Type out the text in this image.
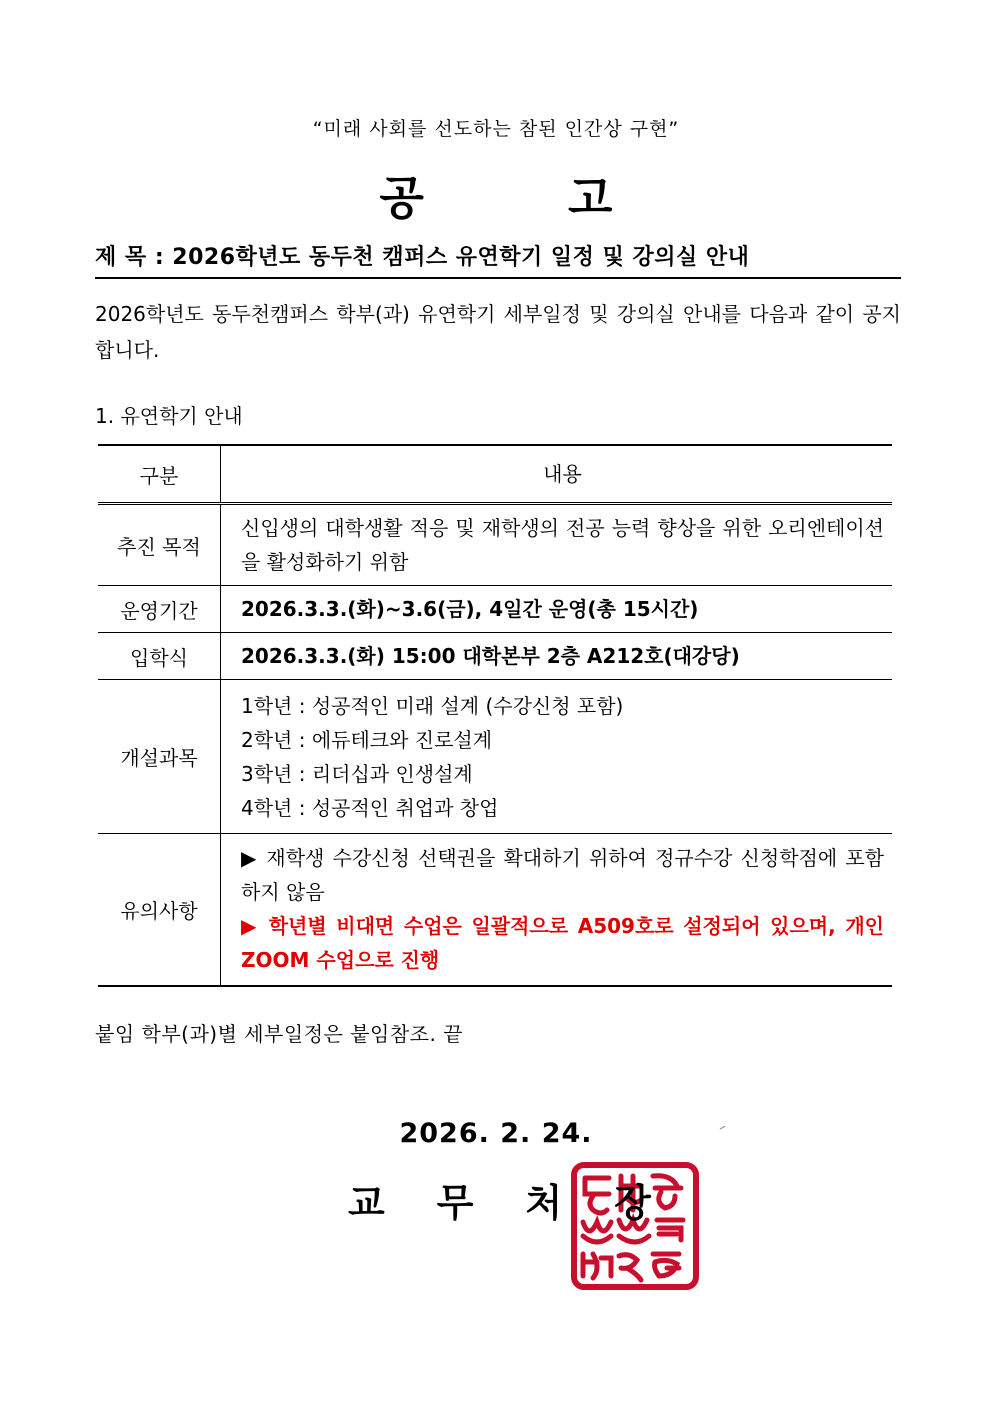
“미래 사회를 선도하는 참된 인간상 구현”
공 고
제 목 : 2026학년도 동두천 캠퍼스 유연학기 일정 및 강의실 안내
2026학년도 동두천캠퍼스 학부(과) 유연학기 세부일정 및 강의실 안내를 다음과 같이 공지합니다.
1. 유연학기 안내
구분	내용
추진 목적	신입생의 대학생활 적응 및 재학생의 전공 능력 향상을 위한 오리엔테이션을 활성화하기 위함
운영기간	2026.3.3.(화)~3.6(금), 4일간 운영(총 15시간)
입학식	2026.3.3.(화) 15:00 대학본부 2층 A212호(대강당)
개설과목	1학년 : 성공적인 미래 설계 (수강신청 포함)
2학년 : 에듀테크와 진로설계
3학년 : 리더십과 인생설계
4학년 : 성공적인 취업과 창업

유의사항	▶ 재학생 수강신청 선택권을 확대하기 위하여 정규수강 신청학점에 포함하지 않음
▶ 학년별 비대면 수업은 일괄적으로 A509호로 설정되어 있으며, 개인 ZOOM 수업으로 진행
붙임 학부(과)별 세부일정은 붙임참조. 끝
2026. 2. 24.
교무처장
